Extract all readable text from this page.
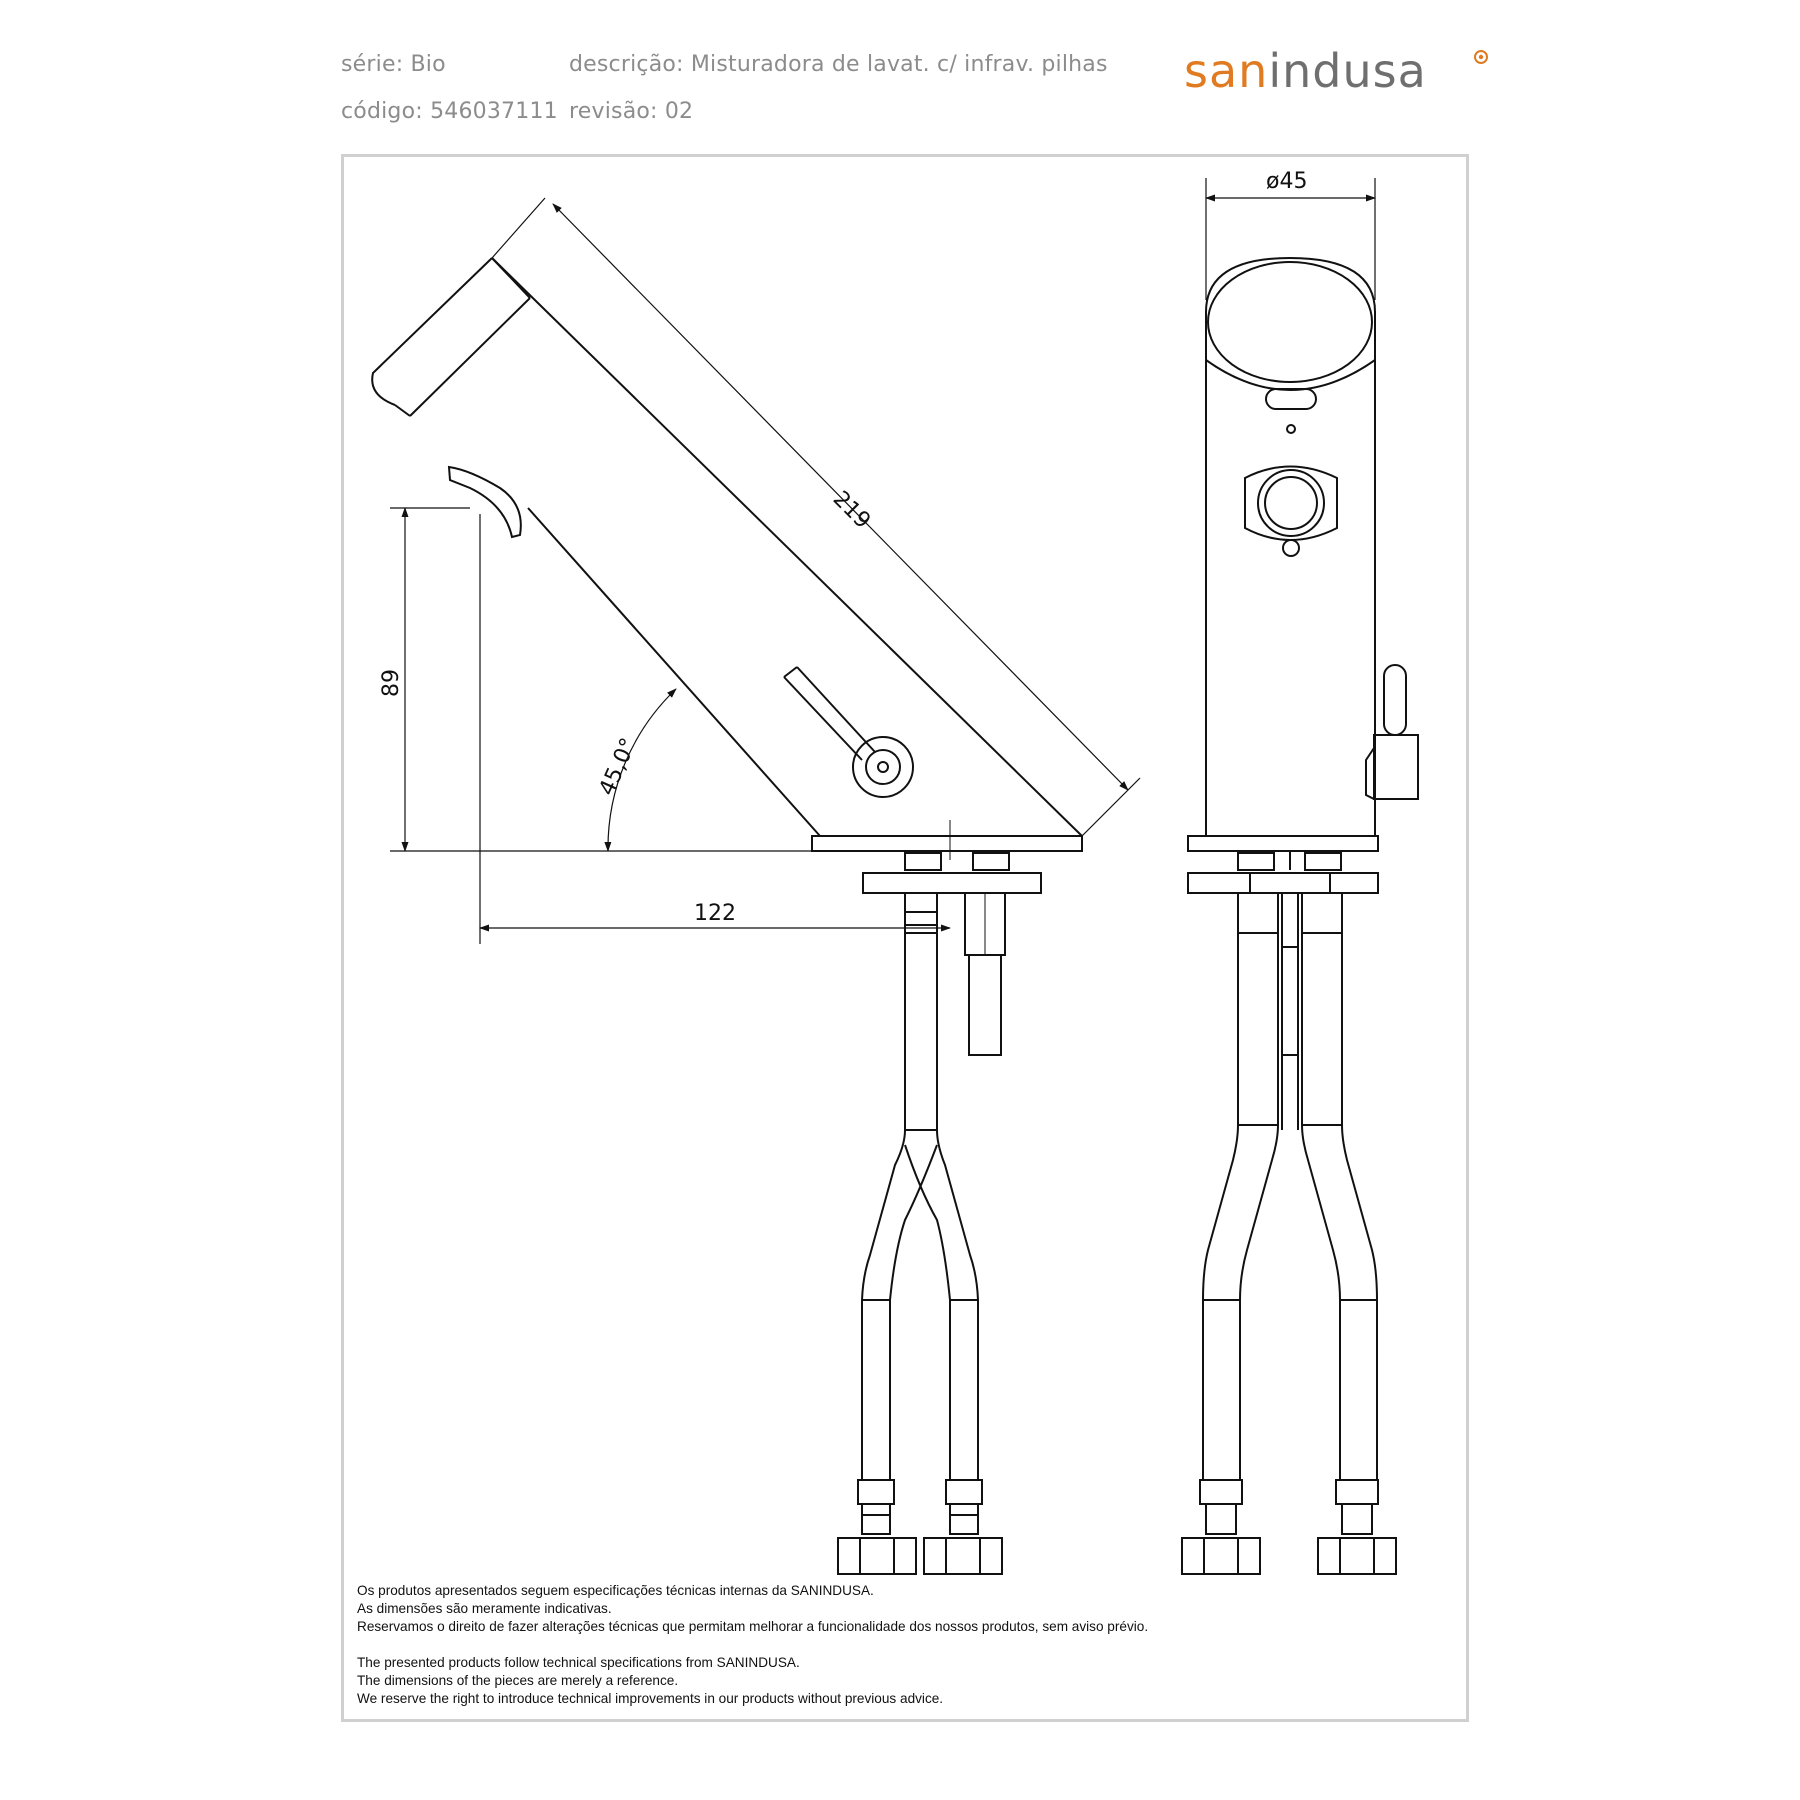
série: Bio	descrição: Misturadora de lavat. c/ infrav. pilhas
código: 546037111 revisão: 02
sanindusa
219
89
122
45,0°
ø45
Os produtos apresentados seguem especificações técnicas internas da SANINDUSA.
As dimensões são meramente indicativas.
Reservamos o direito de fazer alterações técnicas que permitam melhorar a funcionalidade dos nossos produtos, sem aviso prévio.
The presented products follow technical specifications from SANINDUSA.
The dimensions of the pieces are merely a reference.
We reserve the right to introduce technical improvements in our products without previous advice.
